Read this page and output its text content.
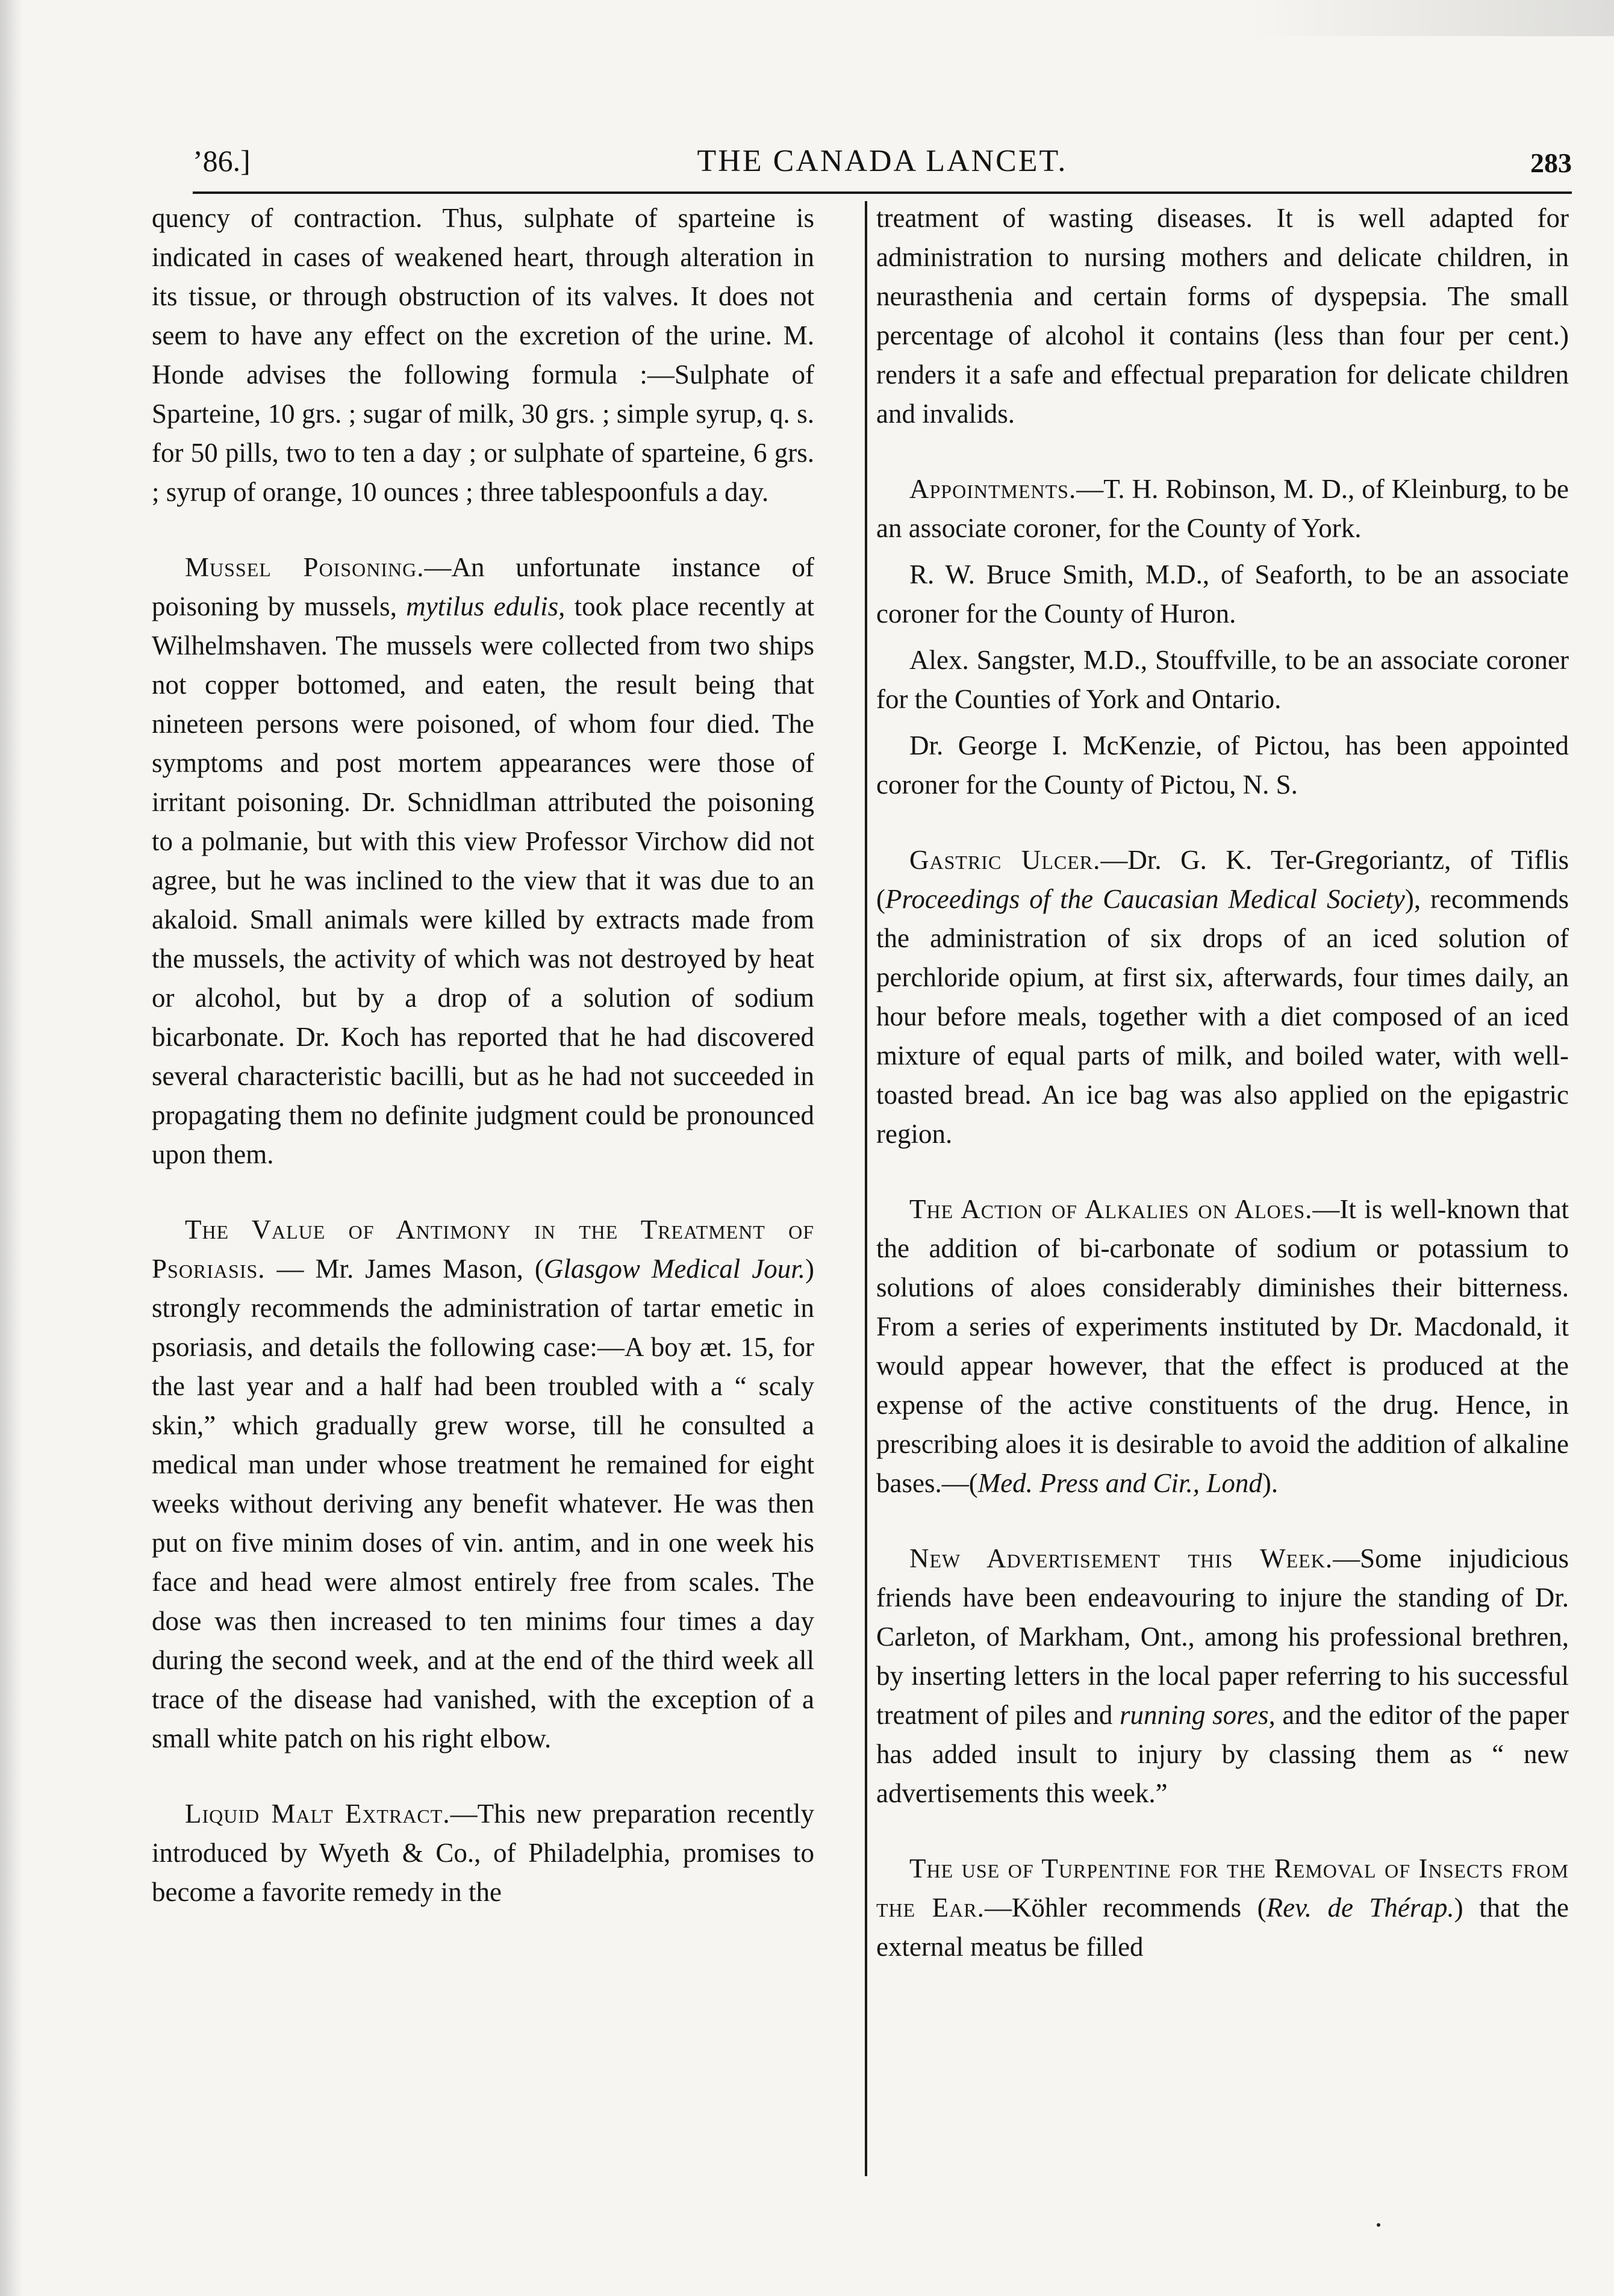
’86.]	THE CANADA LANCET.	283

quency of contraction. Thus, sulphate of sparteine is indicated in cases of weakened heart, through alteration in its tissue, or through obstruction of its valves. It does not seem to have any effect on the excretion of the urine. M. Honde advises the following formula :—Sulphate of Sparteine, 10 grs. ; sugar of milk, 30 grs. ; simple syrup, q. s. for 50 pills, two to ten a day ; or sulphate of sparteine, 6 grs. ; syrup of orange, 10 ounces ; three tablespoonfuls a day.

Mussel Poisoning.—An unfortunate instance of poisoning by mussels, mytilus edulis, took place recently at Wilhelmshaven. The mussels were collected from two ships not copper bottomed, and eaten, the result being that nineteen persons were poisoned, of whom four died. The symptoms and post mortem appearances were those of irritant poisoning. Dr. Schnidlman attributed the poisoning to a polmanie, but with this view Professor Virchow did not agree, but he was inclined to the view that it was due to an akaloid. Small animals were killed by extracts made from the mussels, the activity of which was not destroyed by heat or alcohol, but by a drop of a solution of sodium bicarbonate. Dr. Koch has reported that he had discovered several characteristic bacilli, but as he had not succeeded in propagating them no definite judgment could be pronounced upon them.

The Value of Antimony in the Treatment of Psoriasis. — Mr. James Mason, (Glasgow Medical Jour.) strongly recommends the administration of tartar emetic in psoriasis, and details the following case:—A boy æt. 15, for the last year and a half had been troubled with a “ scaly skin,” which gradually grew worse, till he consulted a medical man under whose treatment he remained for eight weeks without deriving any benefit whatever. He was then put on five minim doses of vin. antim, and in one week his face and head were almost entirely free from scales. The dose was then increased to ten minims four times a day during the second week, and at the end of the third week all trace of the disease had vanished, with the exception of a small white patch on his right elbow.

Liquid Malt Extract.—This new preparation recently introduced by Wyeth & Co., of Philadelphia, promises to become a favorite remedy in the

treatment of wasting diseases. It is well adapted for administration to nursing mothers and delicate children, in neurasthenia and certain forms of dyspepsia. The small percentage of alcohol it contains (less than four per cent.) renders it a safe and effectual preparation for delicate children and invalids.

Appointments.—T. H. Robinson, M. D., of Kleinburg, to be an associate coroner, for the County of York.

R. W. Bruce Smith, M.D., of Seaforth, to be an associate coroner for the County of Huron.

Alex. Sangster, M.D., Stouffville, to be an associate coroner for the Counties of York and Ontario.

Dr. George I. McKenzie, of Pictou, has been appointed coroner for the County of Pictou, N. S.

Gastric Ulcer.—Dr. G. K. Ter-Gregoriantz, of Tiflis (Proceedings of the Caucasian Medical Society), recommends the administration of six drops of an iced solution of perchloride opium, at first six, afterwards, four times daily, an hour before meals, together with a diet composed of an iced mixture of equal parts of milk, and boiled water, with well-toasted bread. An ice bag was also applied on the epigastric region.

The Action of Alkalies on Aloes.—It is well-known that the addition of bi-carbonate of sodium or potassium to solutions of aloes considerably diminishes their bitterness. From a series of experiments instituted by Dr. Macdonald, it would appear however, that the effect is produced at the expense of the active constituents of the drug. Hence, in prescribing aloes it is desirable to avoid the addition of alkaline bases.—(Med. Press and Cir., Lond).

New Advertisement this Week.—Some injudicious friends have been endeavouring to injure the standing of Dr. Carleton, of Markham, Ont., among his professional brethren, by inserting letters in the local paper referring to his successful treatment of piles and running sores, and the editor of the paper has added insult to injury by classing them as “ new advertisements this week.”

The use of Turpentine for the Removal of Insects from the Ear.—Köhler recommends (Rev. de Thérap.) that the external meatus be filled
